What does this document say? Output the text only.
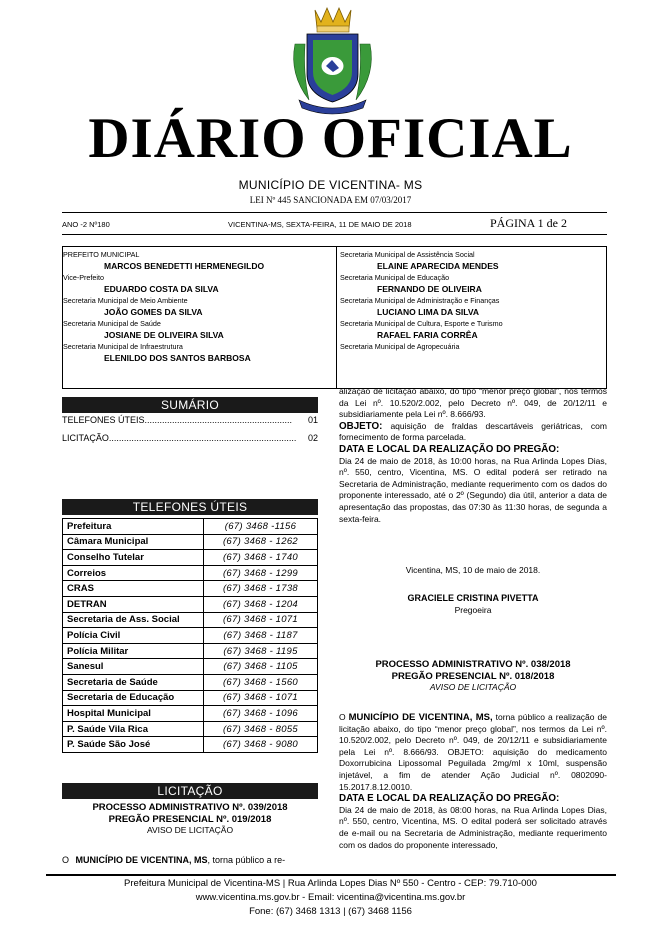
DIÁRIO OFICIAL
MUNICÍPIO DE VICENTINA- MS
LEI Nº 445 SANCIONADA EM 07/03/2017
ANO -2 Nº180	VICENTINA-MS, SEXTA-FEIRA, 11 DE MAIO DE 2018	PÁGINA 1 de 2
PREFEITO MUNICIPAL
MARCOS BENEDETTI HERMENEGILDO
Vice-Prefeito
EDUARDO COSTA DA SILVA
Secretaria Municipal de Meio Ambiente
JOÃO GOMES DA SILVA
Secretaria Municipal de Saúde
JOSIANE DE OLIVEIRA SILVA
Secretaria Municipal de Infraestrutura
ELENILDO DOS SANTOS BARBOSA
Secretaria Municipal de Assistência Social
ELAINE APARECIDA MENDES
Secretaria Municipal de Educação
FERNANDO DE OLIVEIRA
Secretaria Municipal de Administração e Finanças
LUCIANO LIMA DA SILVA
Secretaria Municipal de Cultura, Esporte e Turismo
RAFAEL FARIA CORRÊA
Secretaria Municipal de Agropecuária
SUMÁRIO
TELEFONES ÚTEIS ...........................................................	01
LICITAÇÃO ...........................................................................	02
TELEFONES ÚTEIS
Prefeitura	(67) 3468 -1156
Câmara Municipal	(67) 3468 - 1262
Conselho Tutelar	(67) 3468 - 1740
Correios	(67) 3468 - 1299
CRAS	(67) 3468 - 1738
DETRAN	(67) 3468 - 1204
Secretaria de Ass. Social	(67) 3468 - 1071
Polícia Civil	(67) 3468 - 1187
Polícia Militar	(67) 3468 - 1195
Sanesul	(67) 3468 - 1105
Secretaria de Saúde	(67) 3468 - 1560
Secretaria de Educação	(67) 3468 - 1071
Hospital Municipal	(67) 3468 - 1096
P. Saúde Vila Rica	(67) 3468 - 8055
P. Saúde São José	(67) 3468 - 9080
LICITAÇÃO
PROCESSO ADMINISTRATIVO Nº. 039/2018
PREGÃO PRESENCIAL Nº. 019/2018
AVISO DE LICITAÇÃO
O MUNICÍPIO DE VICENTINA, MS, torna público a re-

alização de licitação abaixo, do tipo “menor preço global”, nos termos da Lei nº. 10.520/2.002, pelo Decreto nº. 049, de 20/12/11 e subsidiariamente pela Lei nº. 8.666/93.

OBJETO: aquisição de fraldas descartáveis geriátricas, com fornecimento de forma parcelada.

DATA E LOCAL DA REALIZAÇÃO DO PREGÃO:

Dia 24 de maio de 2018, às 10:00 horas, na Rua Arlinda Lopes Dias, nº. 550, centro, Vicentina, MS. O edital poderá ser retirado na Secretaria de Administração, mediante requerimento com os dados do proponente interessado, até o 2º (Segundo) dia útil, anterior a data de apresentação das propostas, das 07:30 às 11:30 horas, de segunda a sexta-feira.

Vicentina, MS, 10 de maio de 2018.
GRACIELE CRISTINA PIVETTA
Pregoeira
PROCESSO ADMINISTRATIVO Nº. 038/2018
PREGÃO PRESENCIAL Nº. 018/2018
AVISO DE LICITAÇÃO

O MUNICÍPIO DE VICENTINA, MS, torna público a realização de licitação abaixo, do tipo “menor preço global”, nos termos da Lei nº. 10.520/2.002, pelo Decreto nº. 049, de 20/12/11 e subsidiariamente pela Lei nº. 8.666/93. OBJETO: aquisição do medicamento Doxorrubicina Lipossomal Peguilada 2mg/ml x 10ml, suspensão injetável, a fim de atender Ação Judicial nº. 0802090-15.2017.8.12.0010.

DATA E LOCAL DA REALIZAÇÃO DO PREGÃO:

Dia 24 de maio de 2018, às 08:00 horas, na Rua Arlinda Lopes Dias, nº. 550, centro, Vicentina, MS. O edital poderá ser solicitado através de e-mail ou na Secretaria de Administração, mediante requerimento com os dados do proponente interessado,

Prefeitura Municipal de Vicentina-MS | Rua Arlinda Lopes Dias Nº 550 - Centro - CEP: 79.710-000
www.vicentina.ms.gov.br - Email: vicentina@vicentina.ms.gov.br
Fone: (67) 3468 1313 | (67) 3468 1156
